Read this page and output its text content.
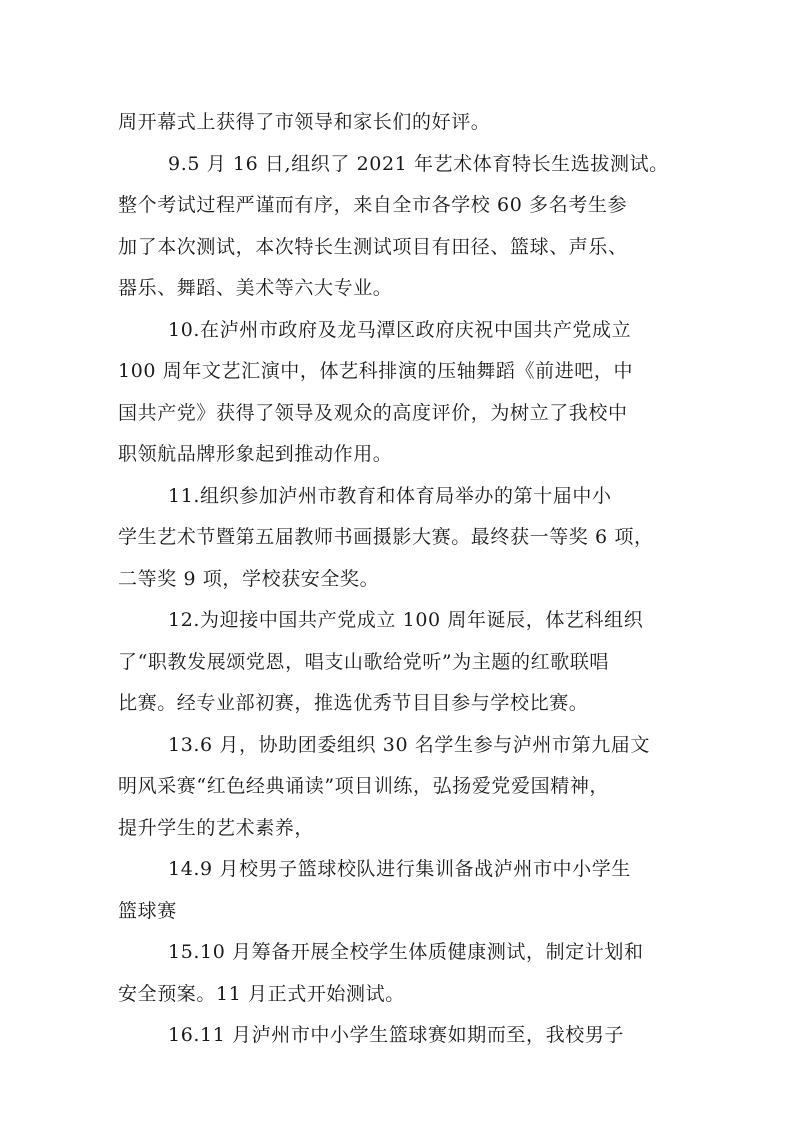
周开幕式上获得了市领导和家长们的好评。
9.5 月 16 日,组织了 2021 年艺术体育特长生选拔测试。
整个考试过程严谨而有序，来自全市各学校 60 多名考生参
加了本次测试，本次特长生测试项目有田径、篮球、声乐、
器乐、舞蹈、美术等六大专业。
10.在泸州市政府及龙马潭区政府庆祝中国共产党成立
100 周年文艺汇演中，体艺科排演的压轴舞蹈《前进吧，中
国共产党》获得了领导及观众的高度评价，为树立了我校中
职领航品牌形象起到推动作用。
11.组织参加泸州市教育和体育局举办的第十届中小
学生艺术节暨第五届教师书画摄影大赛。最终获一等奖 6 项，
二等奖 9 项，学校获安全奖。
12.为迎接中国共产党成立 100 周年诞辰，体艺科组织
了“职教发展颂党恩，唱支山歌给党听”为主题的红歌联唱
比赛。经专业部初赛，推选优秀节目目参与学校比赛。
13.6 月，协助团委组织 30 名学生参与泸州市第九届文
明风采赛“红色经典诵读”项目训练，弘扬爱党爱国精神，
提升学生的艺术素养，
14.9 月校男子篮球校队进行集训备战泸州市中小学生
篮球赛
15.10 月筹备开展全校学生体质健康测试，制定计划和
安全预案。11 月正式开始测试。
16.11 月泸州市中小学生篮球赛如期而至，我校男子
